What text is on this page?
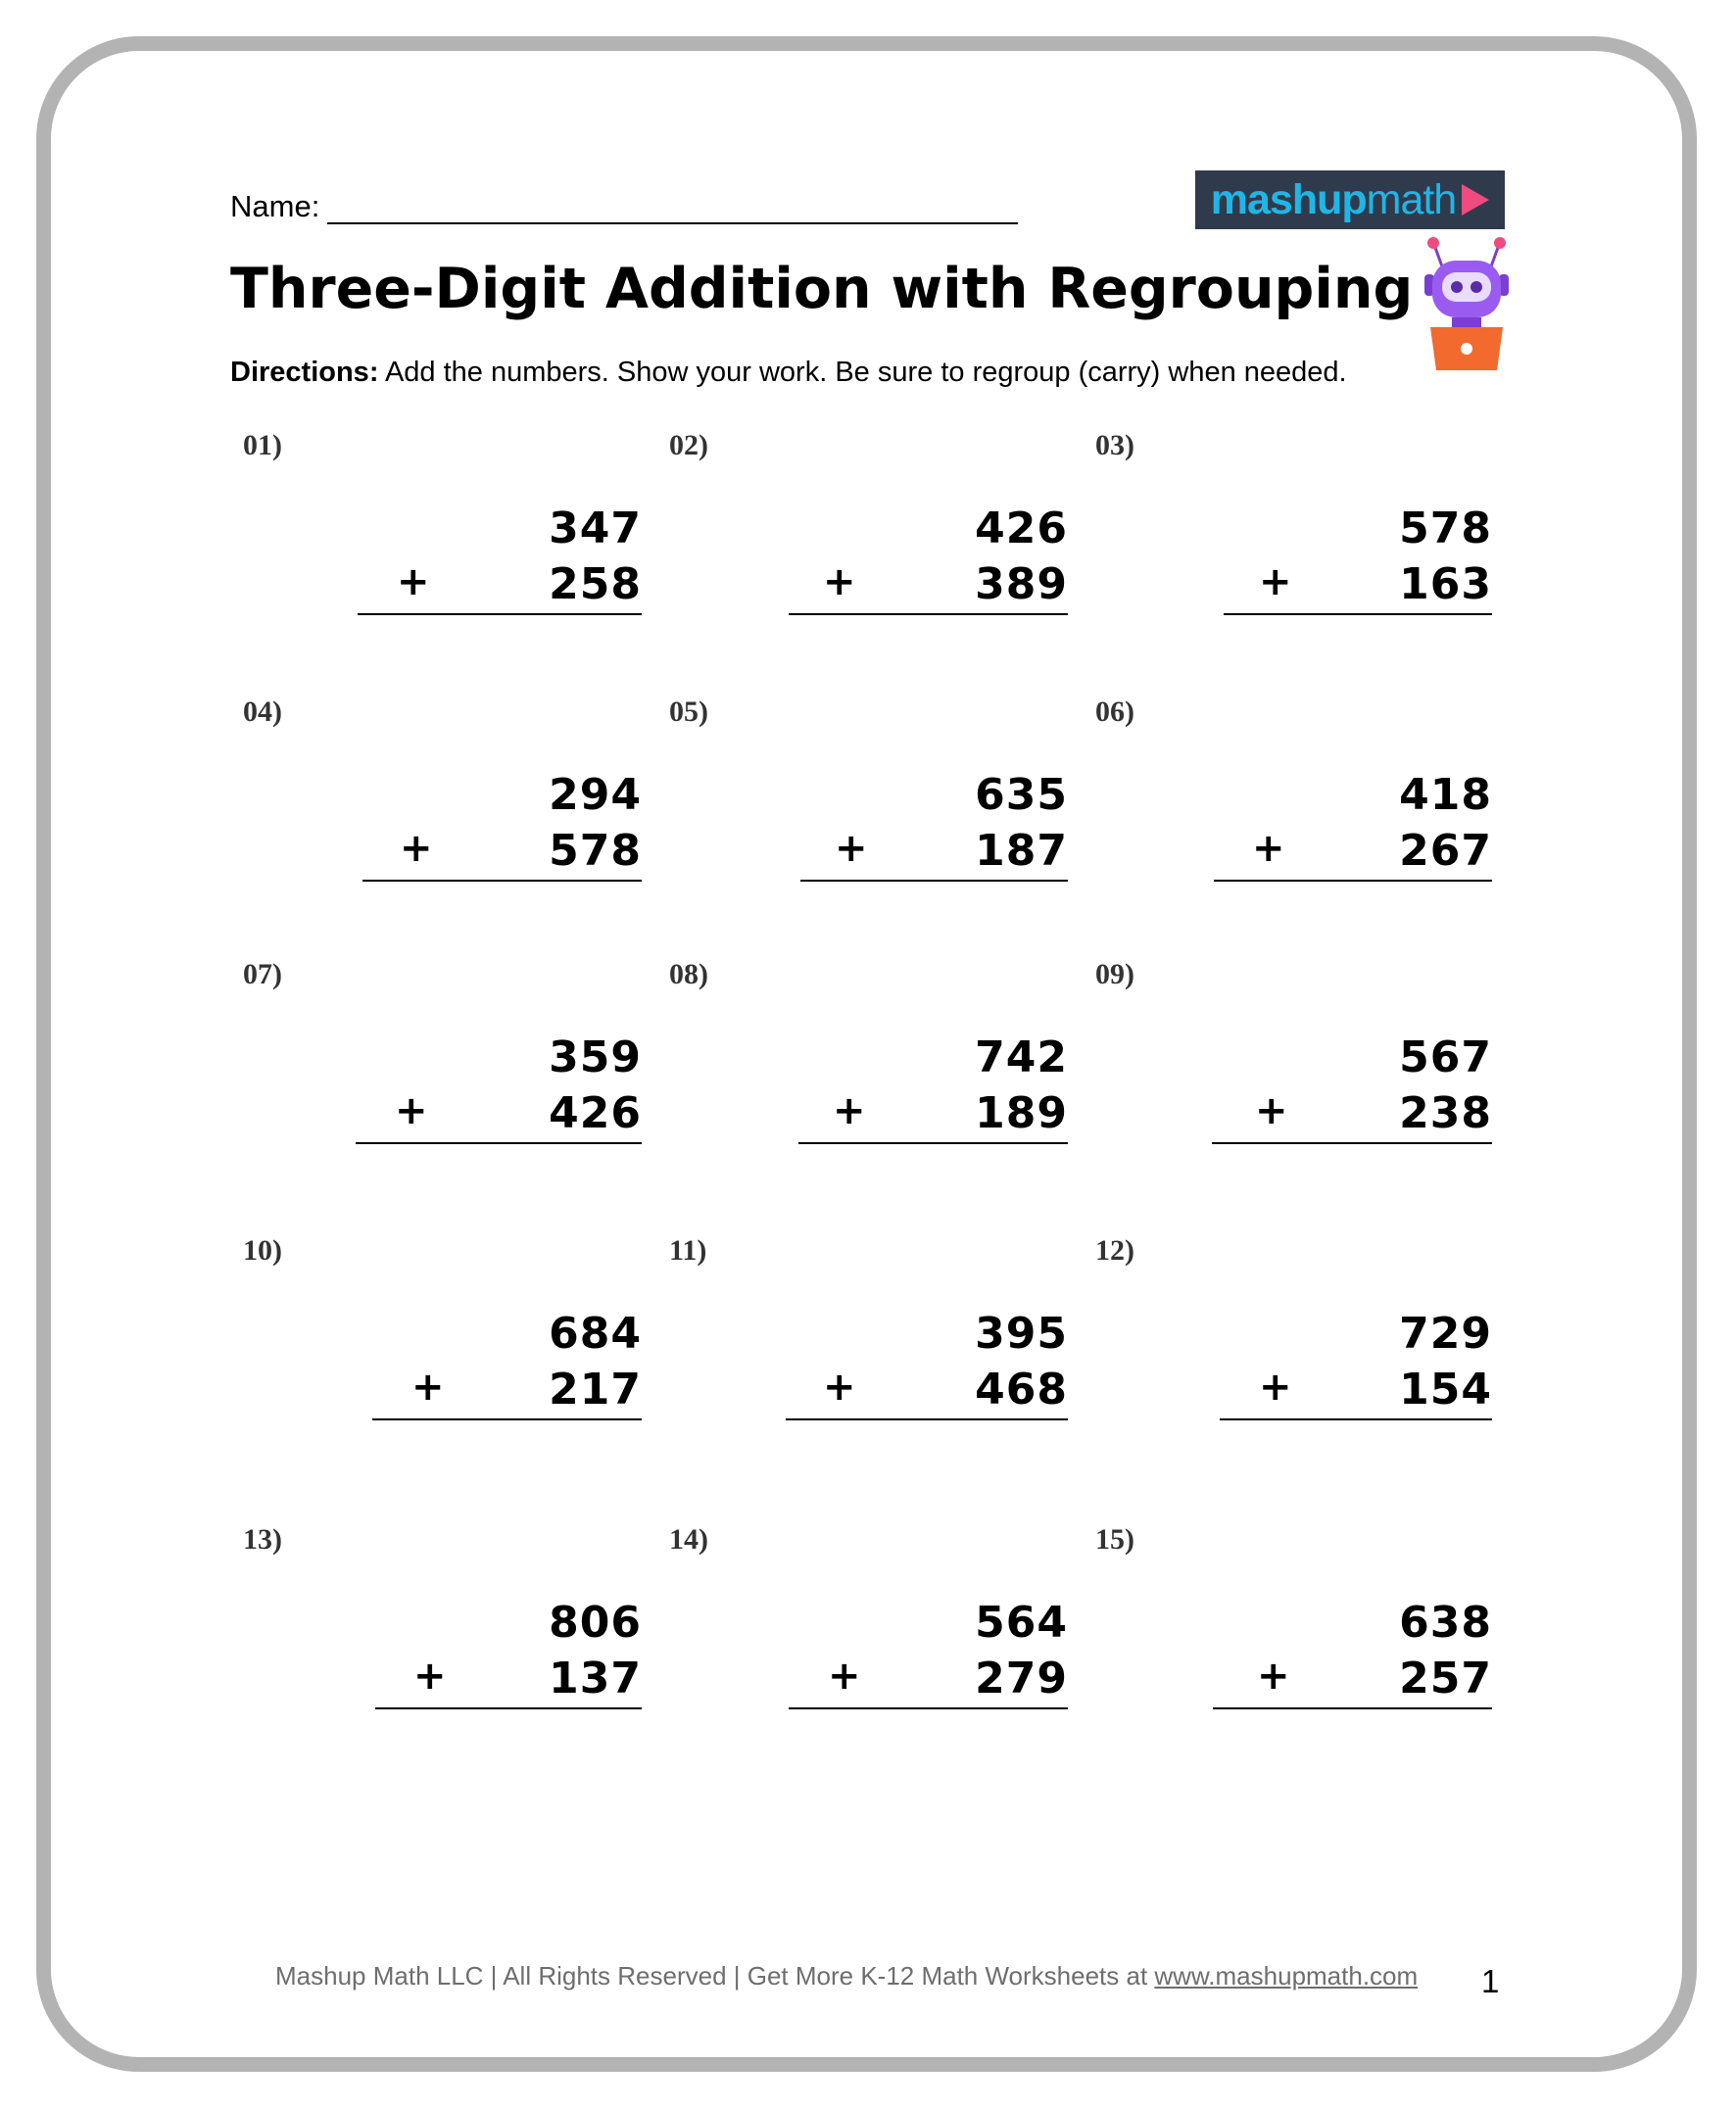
Name:	mashup math
Three-Digit Addition with Regrouping
Directions: Add the numbers. Show your work. Be sure to regroup (carry) when needed.
01)
347
+	258
02)
426
+	389
03)
578
+ 163
04)
294
+	578
05)
635
+ 187
06)
418
+	267
07)
359
+	426
08)
742
+	189
09)
567
+	238
10)
684
+ 217
11)
395
+	468
12)
729
+ 154
13)
806
+ 137
14)
564
+	279
15)
638
+	257
Mashup Math LLC | All Rights Reserved | Get More K-12 Math Worksheets at www.mashupmath.com 1
